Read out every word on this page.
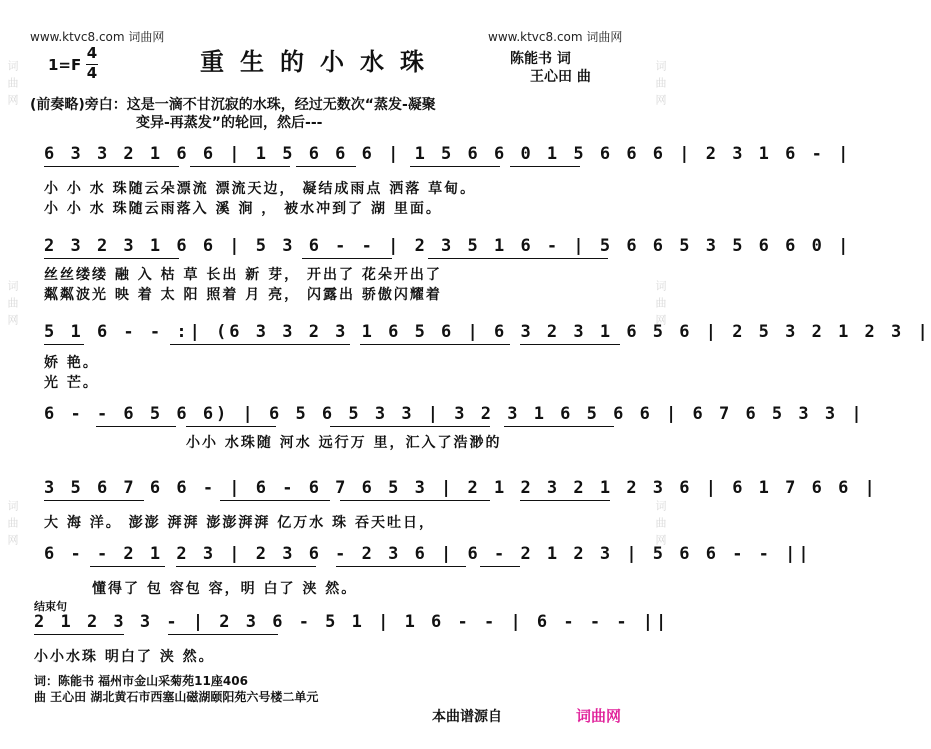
词曲网
词曲网
词曲网
词曲网
词曲网
词曲网
www.ktvc8.com 词曲网	www.ktvc8.com 词曲网
1=F
4
4	重生的小水珠	陈能书 词
王心田 曲
(前奏略)旁白：这是一滴不甘沉寂的水珠，经过无数次“蒸发-凝聚
变异-再蒸发”的轮回，然后---
6 3 3 2 1 6 6 | 1 5 6 6 6 | 1 5 6 6 0 1 5 6 6 6 | 2 3 1 6 - |
小 小 水 珠随云朵漂流 漂流天边， 凝结成雨点 洒落 草甸。
小 小 水 珠随云雨落入 溪 涧 ， 被水冲到了 湖 里面。
2 3 2 3 1 6 6 | 5 3 6 - - | 2 3 5 1 6 - | 5 6 6 5 3 5 6 6 0 |
丝丝缕缕 融 入 枯 草 长出 新 芽， 开出了 花朵开出了
粼粼波光 映 着 太 阳 照着 月 亮， 闪露出 骄傲闪耀着
5 1 6 - - :| (6 3 3 2 3 1 6 5 6 | 6 3 2 3 1 6 5 6 | 2 5 3 2 1 2 3 |
娇 艳。
光 芒。
6 - - 6 5 6 6) | 6 5 6 5 3 3 | 3 2 3 1 6 5 6 6 | 6 7 6 5 3 3 |
小小 水珠随 河水 远行万 里，汇入了浩渺的
3 5 6 7 6 6 - | 6 - 6 7 6 5 3 | 2 1 2 3 2 1 2 3 6 | 6 1 7 6 6 |
大 海 洋。 澎澎 湃湃 澎澎湃湃 亿万水 珠 吞天吐日，
6 - - 2 1 2 3 | 2 3 6 - 2 3 6 | 6 - 2 1 2 3 | 5 6 6 - - ||
懂得了 包 容包 容，明 白了 浃 然。
结束句
2 1 2 3 3 - | 2 3 6 - 5 1 | 1 6 - - | 6 - - - ||
小小水珠 明白了 浃 然。
词：陈能书 福州市金山采菊苑11座406
曲 王心田 湖北黄石市西塞山磁湖颐阳苑六号楼二单元
本曲谱源自	词曲网
